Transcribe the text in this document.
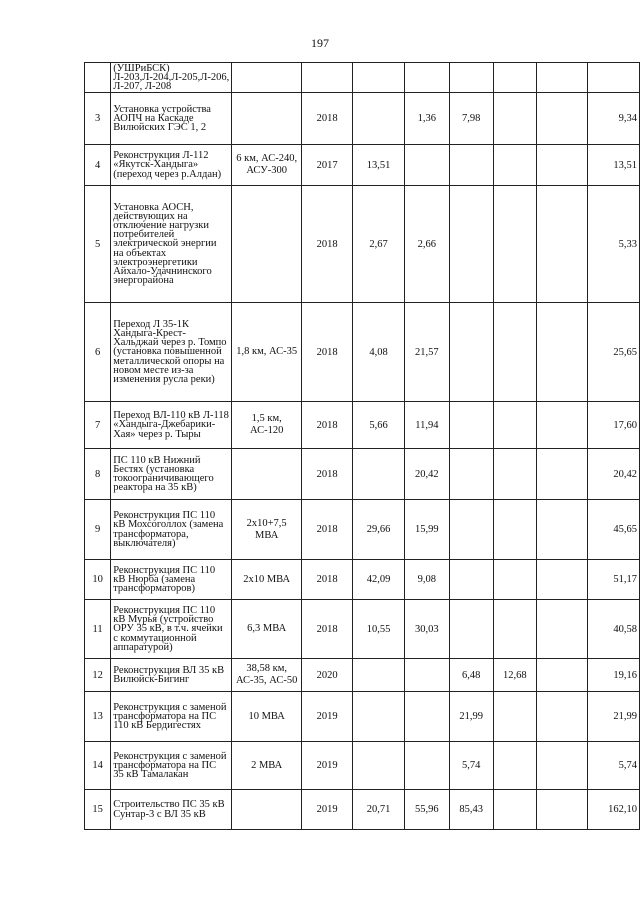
197
	(УШРиБСК) Л-203,Л-204,Л-205,Л-206, Л-207, Л-208								
3	Установка устройства АОПЧ на Каскаде Вилюйских ГЭС 1, 2		2018		1,36	7,98			9,34
4	Реконструкция Л-112 «Якутск-Хандыга» (переход через р.Алдан)	6 км, АС-240, АСУ-300	2017	13,51					13,51
5	Установка АОСН, действующих на отключение нагрузки потребителей электрической энергии на объектах электроэнергетики Айхало-Удачнинского энергорайона		2018	2,67	2,66				5,33
6	Переход Л 35-1К Хандыга-Крест-Хальджай через р. Томпо (установка повышенной металлической опоры на новом месте из-за изменения русла реки)	1,8 км, АС-35	2018	4,08	21,57				25,65
7	Переход ВЛ-110 кВ Л-118 «Хандыга-Джебарики-Хая» через р. Тыры	1,5 км, АС-120	2018	5,66	11,94				17,60
8	ПС 110 кВ Нижний Бестях (установка токоограничивающего реактора на 35 кВ)		2018		20,42				20,42
9	Реконструкция ПС 110 кВ Мохсоголлох (замена трансформатора, выключателя)	2х10+7,5 МВА	2018	29,66	15,99				45,65
10	Реконструкция ПС 110 кВ Нюрба (замена трансформаторов)	2х10 МВА	2018	42,09	9,08				51,17
11	Реконструкция ПС 110 кВ Мурья (устройство ОРУ 35 кВ, в т.ч. ячейки с коммутационной аппаратурой)	6,3 МВА	2018	10,55	30,03				40,58
12	Реконструкция ВЛ 35 кВ Вилюйск-Бигинг	38,58 км, АС-35, АС-50	2020			6,48	12,68		19,16
13	Реконструкция с заменой трансформатора на ПС 110 кВ Бердигестях	10 МВА	2019			21,99			21,99
14	Реконструкция с заменой трансформатора на ПС 35 кВ Тамалакан	2 МВА	2019			5,74			5,74
15	Строительство ПС 35 кВ Сунтар-3 с ВЛ 35 кВ		2019	20,71	55,96	85,43			162,10
